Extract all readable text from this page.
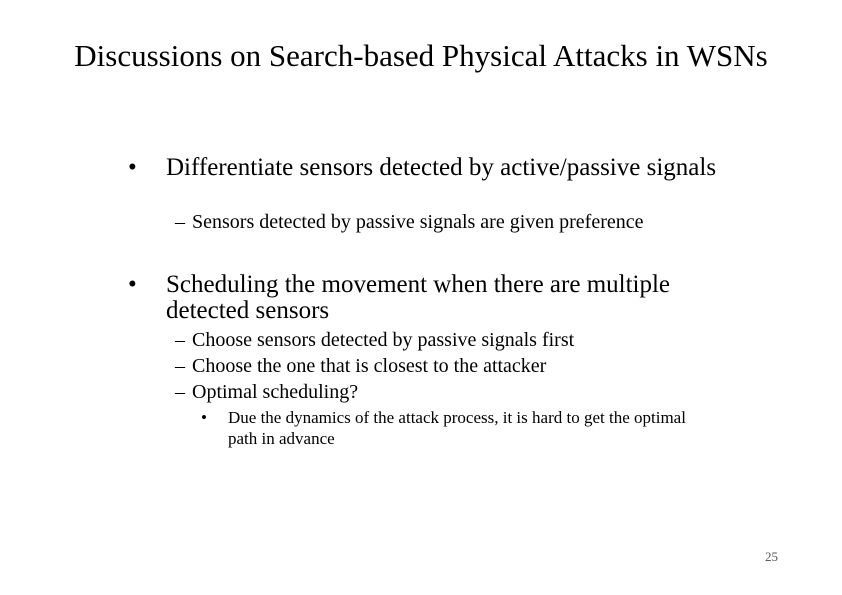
Discussions on Search-based Physical Attacks in WSNs
• Differentiate sensors detected by active/passive signals
– Sensors detected by passive signals are given preference
• Scheduling the movement when there are multiple detected sensors
– Choose sensors detected by passive signals first
– Choose the one that is closest to the attacker
– Optimal scheduling?
• Due the dynamics of the attack process, it is hard to get the optimal path in advance
25
